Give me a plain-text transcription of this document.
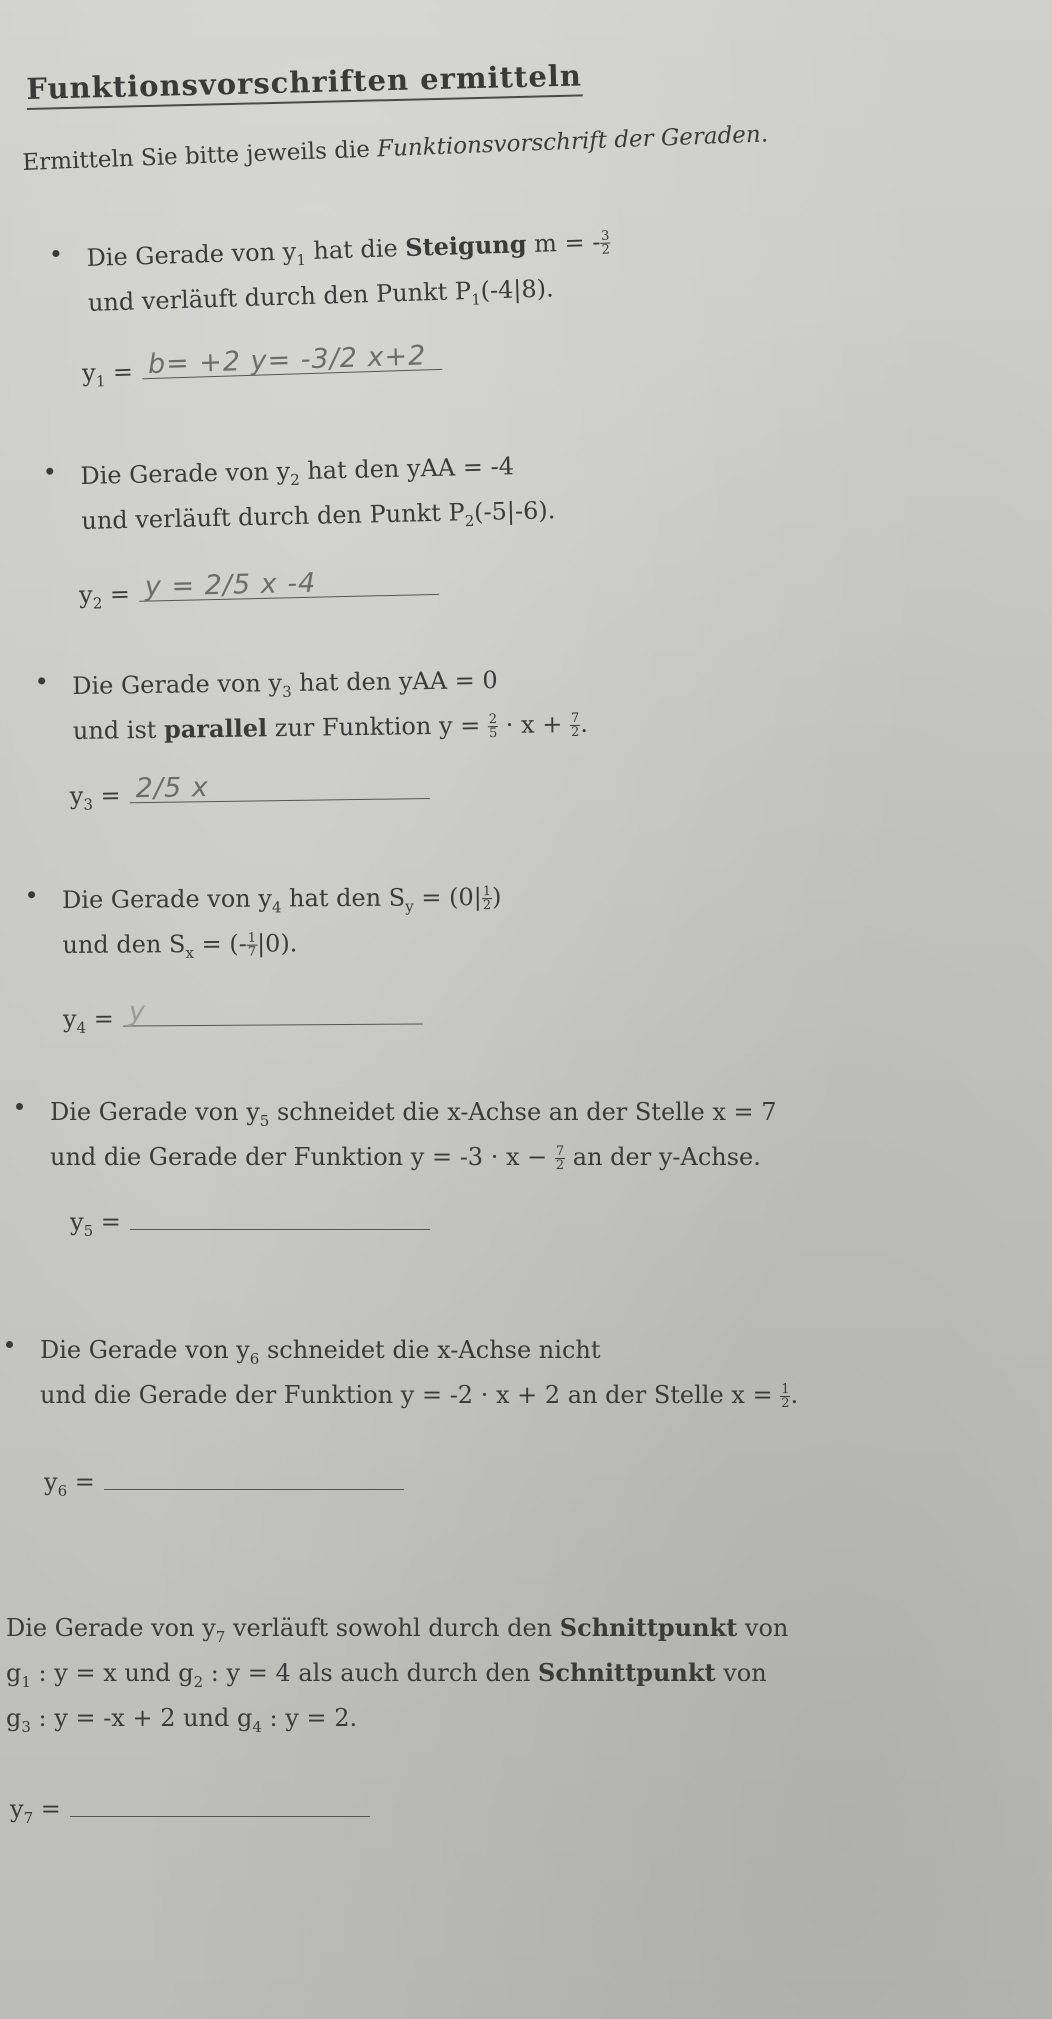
Funktionsvorschriften ermitteln
Ermitteln Sie bitte jeweils die Funktionsvorschrift der Geraden.
Die Gerade von $y_1$ hat die Steigung m = - $\frac{3}{2}$
und verläuft durch den Punkt $P_1(-4|8)$.
$y_1 = b= +2$ y= -3/2 x+2
Die Gerade von $y_2$ hat den yAA = -4
und verläuft durch den Punkt $P_2(-5|-6)$.
$y_2 = y = 2/5$ x -4
Die Gerade von $y_3$ hat den yAA = 0
und ist parallel zur Funktion $y = \frac{2}{5} \cdot x + \frac{7}{2}$ .
$y_3 = 2/5$ x
Die Gerade von $y_4$ hat den $S_y = (0| \frac{1}{2}$ )
und den $S_x$ = (- $\frac{1}{7} |0$).
$y_4 = y$
Die Gerade von $y_5$ schneidet die x-Achse an der Stelle x = 7
und die Gerade der Funktion $y = -3 \cdot x - \frac{7}{2}$ an der y-Achse.
$y_5$ =
Die Gerade von $y_6$ schneidet die x-Achse nicht
und die Gerade der Funktion y = -2 · x + 2 an der Stelle $x = \frac{1}{2}$ .
$y_6$ =
Die Gerade von $y_7$ verläuft sowohl durch den Schnittpunkt von
$g_1$ : y = x und $g_2$ : y = 4 als auch durch den Schnittpunkt von
$g_3$ : y = -x + 2 und $g_4$ : y = 2.
$y_7$ =
